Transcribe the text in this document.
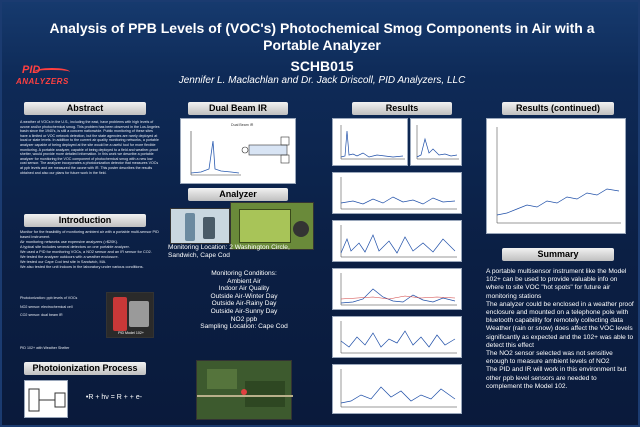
PID
ANALYZERS
Analysis of PPB Levels of (VOC's) Photochemical Smog Components in Air with a Portable Analyzer
SCHB015
Jennifer L. Maclachlan and Dr. Jack Driscoll, PID Analyzers, LLC
Abstract
A weather of VOCs in the U.S., including the east, have problems with high levels of ozone and/or photochemical smog. This problem has been observed in the Los Angeles basin since the 1940's, is still a concern nationwide. Public monitoring of these sites have a limited or VOC network detection, but the state agencies are rarely deployed at local or state levels. In addition to the current air quality monitoring networks, a portable analyzer capable of being deployed at the site would be a useful tool for more flexible monitoring. A portable analyzer, capable of being deployed to a field and weather-proof shelter, would provide more detailed information. In this work we describe a portable analyzer for monitoring the VOC component of photochemical smog with a new low cost sensor. The analyzer incorporates a photoionization detector that measures VOCs at ppb levels and we measured the ozone with IR. This poster describes the results obtained and also our plans for future work in the field.
Introduction
Monitor for the feasibility of monitoring ambient air with a portable multi-sensor PID based instrument.
Air monitoring networks use expensive analyzers (>$20K).
A typical site includes several detectors on one portable analyzer.
We used a PID for monitoring VOCs, a NO2 sensor and an IR sensor for CO2.
We tested the analyzer outdoors with a weather enclosure.
We tested our Cape Cod test site in Sandwich, MA.
We also tested the unit indoors in the laboratory under various conditions.
Photoionization: ppb levels of VOCs
NO2 sensor: electrochemical cell
CO2 sensor: dual beam IR
PID Model 102+
PID 102+ with Weather Shelter
Photoionization Process
•R + hν = R + + e-
Dual Beam IR
Dual Beam IR
Analyzer
Monitoring Location: 2 Washington Circle, Sandwich, Cape Cod
Monitoring Conditions:
Ambient Air
Indoor Air Quality
Outside Air-Winter Day
Outside Air-Rainy Day
Outside Air-Sunny Day
NO2 ppb
Sampling Location: Cape Cod
Results	Results (continued)
Summary
A portable multisensor instrument like the Model 102+ can be used to provide valuable info on where to site VOC "hot spots" for future air monitoring stations
The analyzer could be enclosed in a weather proof enclosure and mounted on a telephone pole with bluetooth capability for remotely collecting data
Weather (rain or snow) does affect the VOC levels significantly as expected and the 102+ was able to detect this effect
The NO2 sensor selected was not sensitive enough to measure ambient levels of NO2
The PID and IR will work in this environment but other ppb level sensors are needed to complement the Model 102.
